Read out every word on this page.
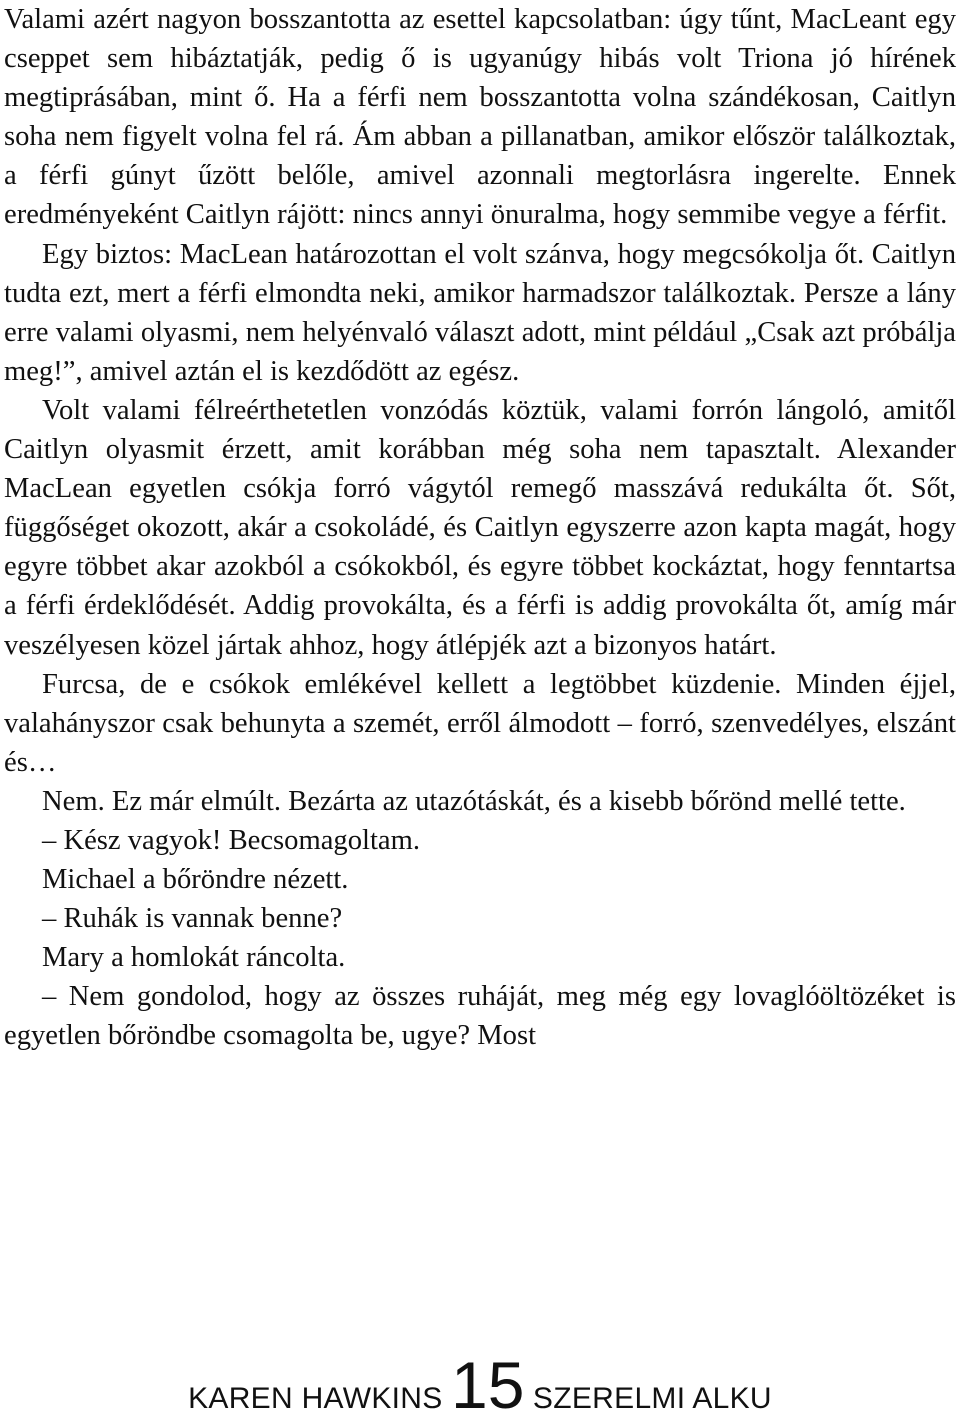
Valami azért nagyon bosszantotta az esettel kapcsolatban: úgy tűnt, MacLeant egy cseppet sem hibáztatják, pedig ő is ugyanúgy hibás volt Triona jó hírének megtiprásában, mint ő. Ha a férfi nem bosszantotta volna szándékosan, Caitlyn soha nem figyelt volna fel rá. Ám abban a pillanatban, amikor először találkoztak, a férfi gúnyt űzött belőle, amivel azonnali megtorlásra ingerelte. Ennek eredményeként Caitlyn rájött: nincs annyi önuralma, hogy semmibe vegye a férfit.

Egy biztos: MacLean határozottan el volt szánva, hogy megcsókolja őt. Caitlyn tudta ezt, mert a férfi elmondta neki, amikor harmadszor találkoztak. Persze a lány erre valami olyasmi, nem helyénvaló választ adott, mint például „Csak azt próbálja meg!”, amivel aztán el is kezdődött az egész.

Volt valami félreérthetetlen vonzódás köztük, valami forrón lángoló, amitől Caitlyn olyasmit érzett, amit korábban még soha nem tapasztalt. Alexander MacLean egyetlen csókja forró vágytól remegő masszává redukálta őt. Sőt, függőséget okozott, akár a csokoládé, és Caitlyn egyszerre azon kapta magát, hogy egyre többet akar azokból a csókokból, és egyre többet kockáztat, hogy fenntartsa a férfi érdeklődését. Addig provokálta, és a férfi is addig provokálta őt, amíg már veszélyesen közel jártak ahhoz, hogy átlépjék azt a bizonyos határt.

Furcsa, de e csókok emlékével kellett a legtöbbet küzdenie. Minden éjjel, valahányszor csak behunyta a szemét, erről álmodott – forró, szenvedélyes, elszánt és…

Nem. Ez már elmúlt. Bezárta az utazótáskát, és a kisebb bőrönd mellé tette.

– Kész vagyok! Becsomagoltam.

Michael a bőröndre nézett.

– Ruhák is vannak benne?

Mary a homlokát ráncolta.

– Nem gondolod, hogy az összes ruháját, meg még egy lovaglóöltözéket is egyetlen bőröndbe csomagolta be, ugye? Most

KAREN HAWKINS 15 SZERELMI ALKU
